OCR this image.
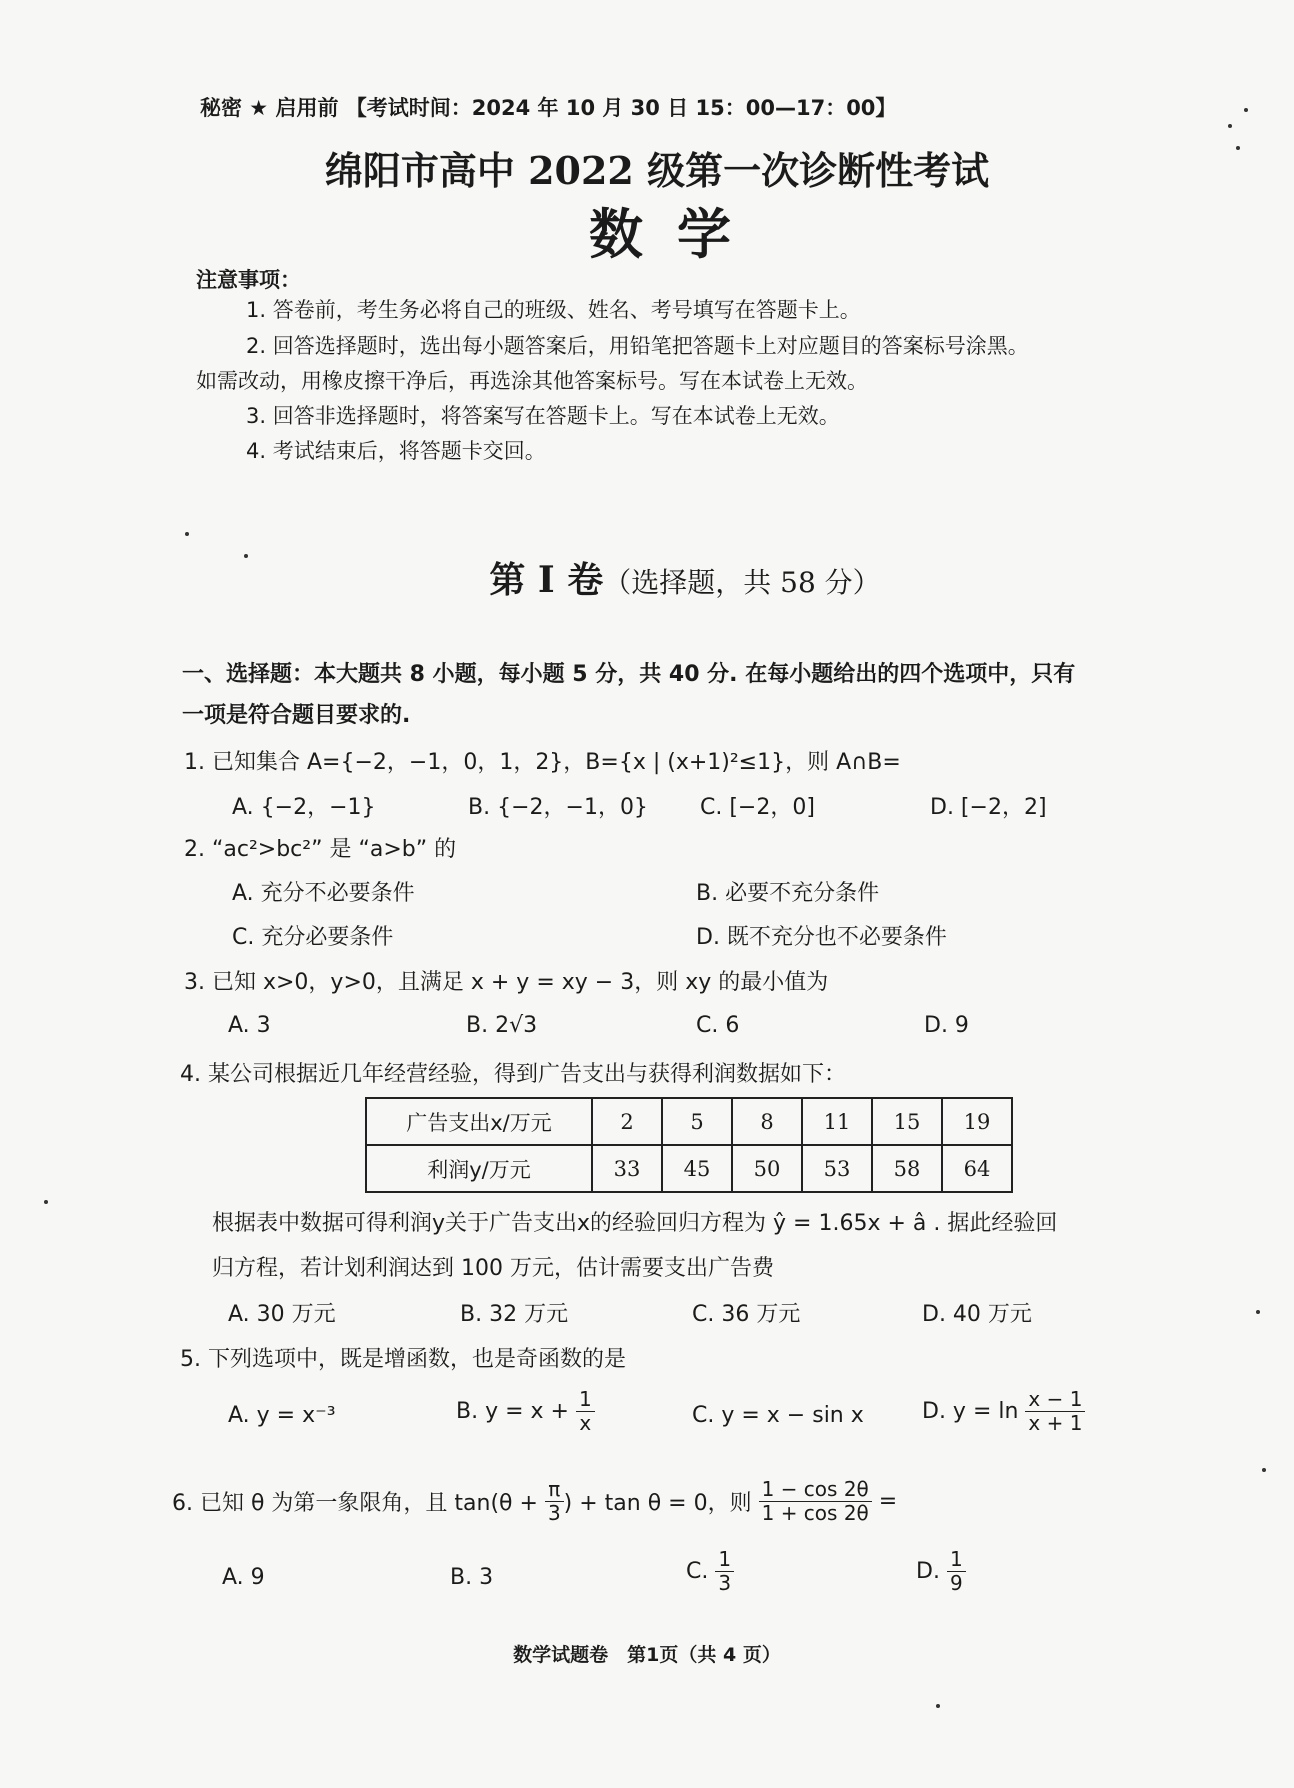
秘密 ★ 启用前 【考试时间：2024 年 10 月 30 日 15：00—17：00】
绵阳市高中 2022 级第一次诊断性考试
数学
注意事项：
1. 答卷前，考生务必将自己的班级、姓名、考号填写在答题卡上。
2. 回答选择题时，选出每小题答案后，用铅笔把答题卡上对应题目的答案标号涂黑。
如需改动，用橡皮擦干净后，再选涂其他答案标号。写在本试卷上无效。
3. 回答非选择题时，将答案写在答题卡上。写在本试卷上无效。
4. 考试结束后，将答题卡交回。
第 I 卷（选择题，共 58 分）
一、选择题：本大题共 8 小题，每小题 5 分，共 40 分. 在每小题给出的四个选项中，只有
一项是符合题目要求的.
1. 已知集合 A={−2，−1，0，1，2}，B={x | (x+1)²≤1}，则 A∩B=
A. {−2，−1}	B. {−2，−1，0} C. [−2，0]	D. [−2，2]
2. “ac²>bc²” 是 “a>b” 的
A. 充分不必要条件	B. 必要不充分条件
C. 充分必要条件	D. 既不充分也不必要条件
3. 已知 x>0，y>0，且满足 x + y = xy − 3，则 xy 的最小值为
A. 3	B. 2√3	C. 6	D. 9
4. 某公司根据近几年经营经验，得到广告支出与获得利润数据如下：
广告支出x/万元	2	5	8	11	15	19
利润y/万元	33	45	50	53	58	64
根据表中数据可得利润y关于广告支出x的经验回归方程为 ŷ = 1.65x + â . 据此经验回
归方程，若计划利润达到 100 万元，估计需要支出广告费
A. 30 万元	B. 32 万元	C. 36 万元	D. 40 万元
5. 下列选项中，既是增函数，也是奇函数的是
A. y = x⁻³	B. $y = x + \frac{1}{x}$	C. y = x − sin x	D. $y = \ln \frac{x - 1}{x + 1}$
6. 已知 θ 为第一象限角，且 $\tan(\theta + \frac{\pi}{3}$ ) + tan θ = 0，则 $\frac{1 - \cos 2\theta}{1 + \cos 2\theta}$ =
A. 9	B. 3	C. $\frac{1}{3}$	D. $\frac{1}{9}$
数学试题卷　第1页（共 4 页）
